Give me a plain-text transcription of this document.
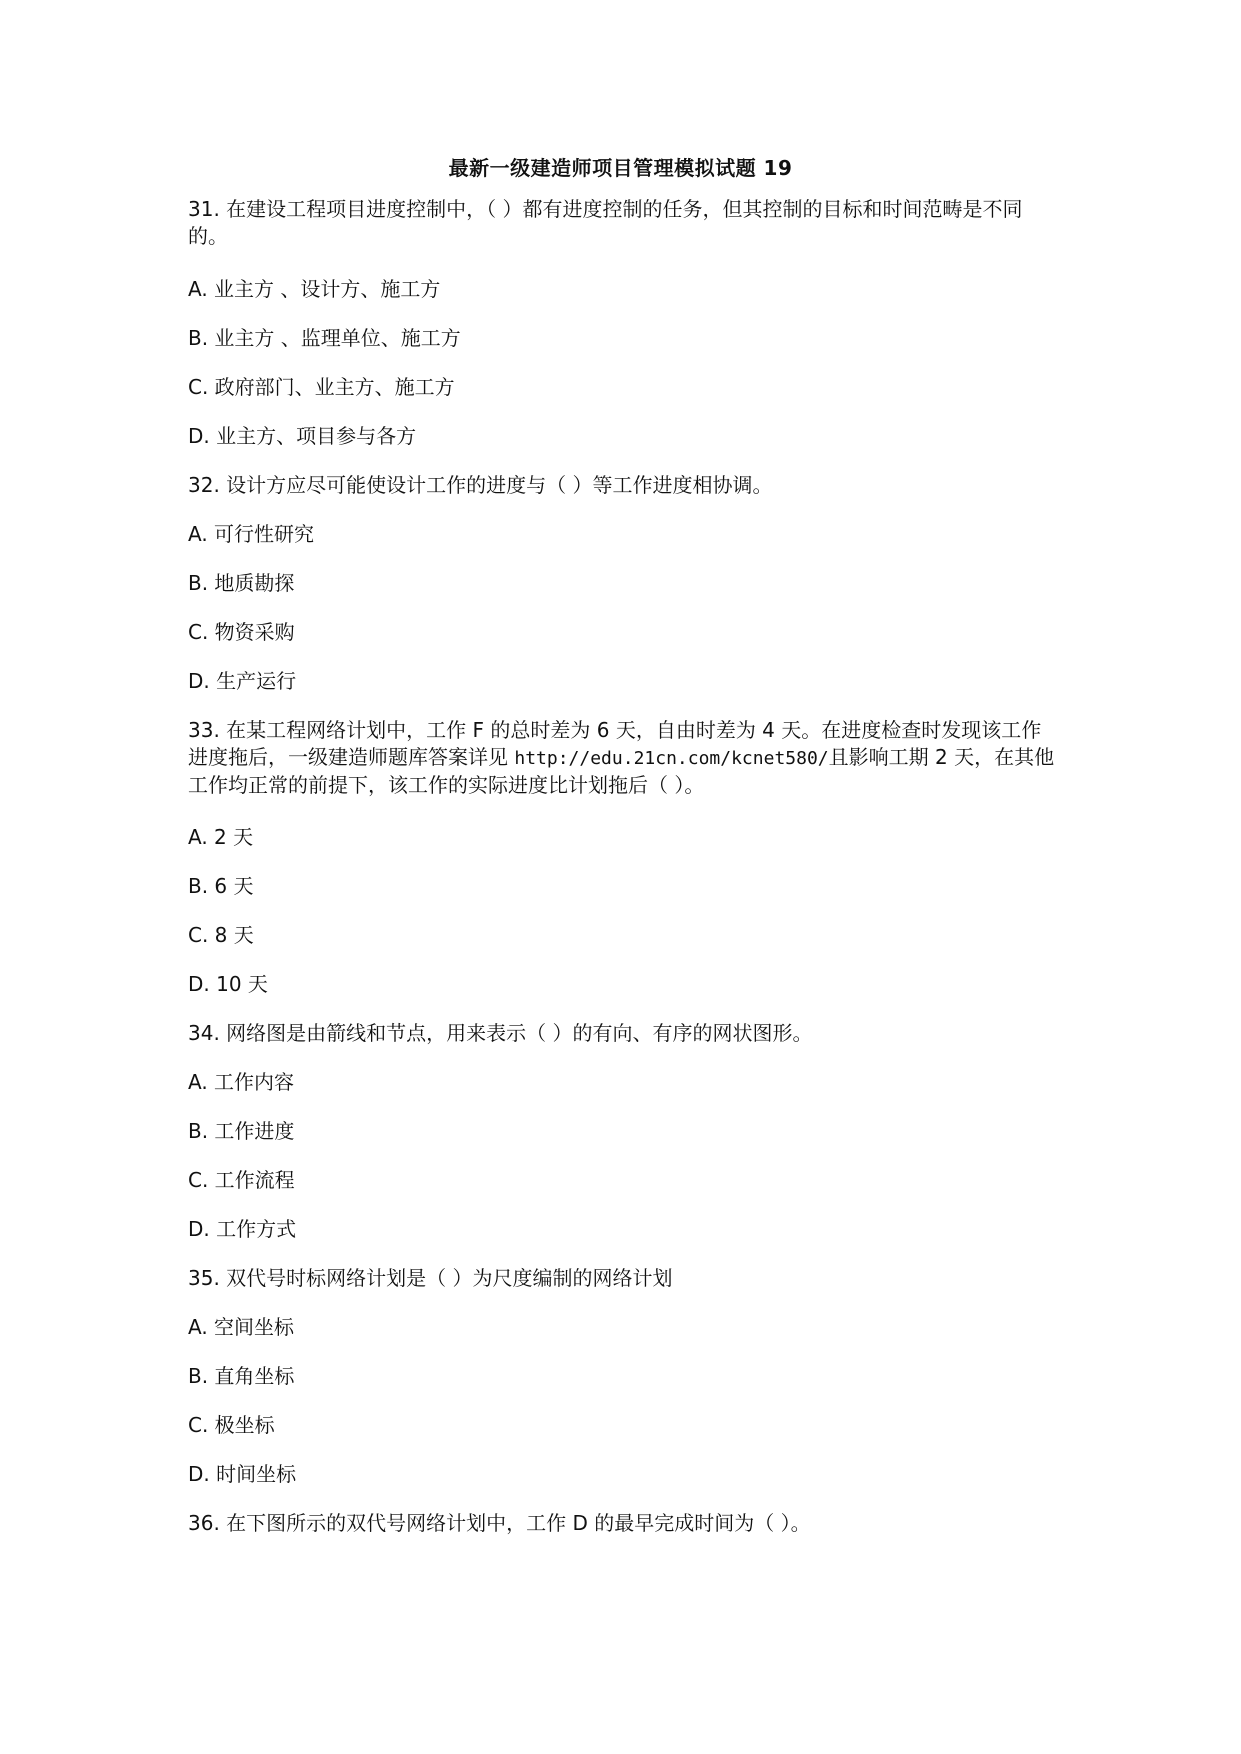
最新一级建造师项目管理模拟试题 19
31. 在建设工程项目进度控制中，（ ）都有进度控制的任务，但其控制的目标和时间范畴是不同的。
A. 业主方 、设计方、施工方
B. 业主方 、监理单位、施工方
C. 政府部门、业主方、施工方
D. 业主方、项目参与各方
32. 设计方应尽可能使设计工作的进度与（ ）等工作进度相协调。
A. 可行性研究
B. 地质勘探
C. 物资采购
D. 生产运行
33. 在某工程网络计划中，工作 F 的总时差为 6 天，自由时差为 4 天。在进度检查时发现该工作进度拖后，一级建造师题库答案详见 http://edu.21cn.com/kcnet580/且影响工期 2 天，在其他工作均正常的前提下，该工作的实际进度比计划拖后（ ）。
A. 2 天
B. 6 天
C. 8 天
D. 10 天
34. 网络图是由箭线和节点，用来表示（ ）的有向、有序的网状图形。
A. 工作内容
B. 工作进度
C. 工作流程
D. 工作方式
35. 双代号时标网络计划是（ ）为尺度编制的网络计划
A. 空间坐标
B. 直角坐标
C. 极坐标
D. 时间坐标
36. 在下图所示的双代号网络计划中，工作 D 的最早完成时间为（ ）。
